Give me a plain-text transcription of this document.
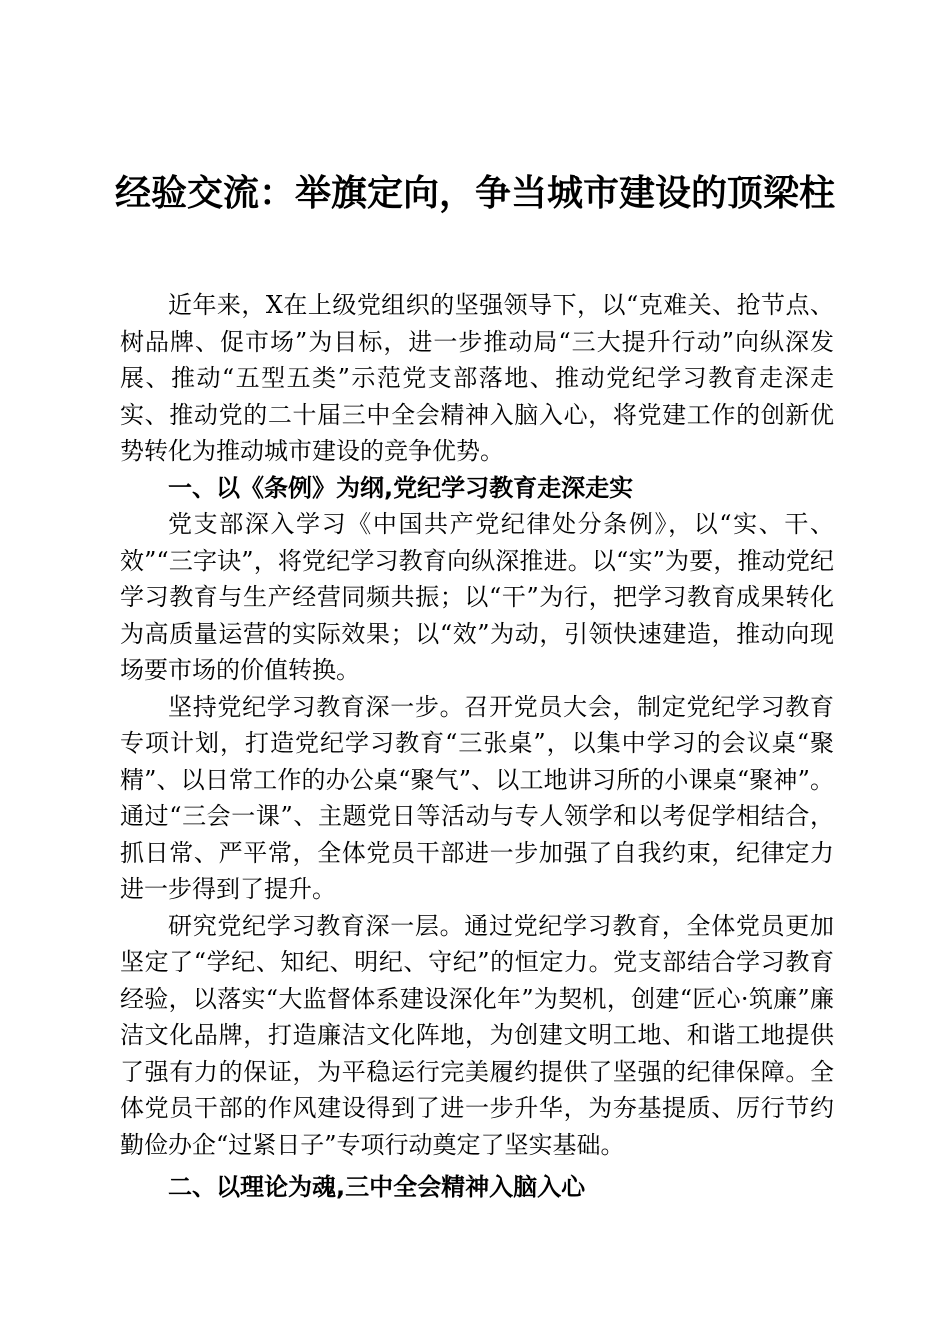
经验交流：举旗定向，争当城市建设的顶梁柱

近年来，X在上级党组织的坚强领导下，以“克难关、抢节点、树品牌、促市场”为目标，进一步推动局“三大提升行动”向纵深发展、推动“五型五类”示范党支部落地、推动党纪学习教育走深走实、推动党的二十届三中全会精神入脑入心，将党建工作的创新优势转化为推动城市建设的竞争优势。

一、以《条例》为纲,党纪学习教育走深走实

党支部深入学习《中国共产党纪律处分条例》，以“实、干、效”“三字诀”，将党纪学习教育向纵深推进。以“实”为要，推动党纪学习教育与生产经营同频共振；以“干”为行，把学习教育成果转化为高质量运营的实际效果；以“效”为动，引领快速建造，推动向现场要市场的价值转换。

坚持党纪学习教育深一步。召开党员大会，制定党纪学习教育专项计划，打造党纪学习教育“三张桌”，以集中学习的会议桌“聚精”、以日常工作的办公桌“聚气”、以工地讲习所的小课桌“聚神”。通过“三会一课”、主题党日等活动与专人领学和以考促学相结合，抓日常、严平常，全体党员干部进一步加强了自我约束，纪律定力进一步得到了提升。

研究党纪学习教育深一层。通过党纪学习教育，全体党员更加坚定了“学纪、知纪、明纪、守纪”的恒定力。党支部结合学习教育经验，以落实“大监督体系建设深化年”为契机，创建“匠心·筑廉”廉洁文化品牌，打造廉洁文化阵地，为创建文明工地、和谐工地提供了强有力的保证，为平稳运行完美履约提供了坚强的纪律保障。全体党员干部的作风建设得到了进一步升华，为夯基提质、厉行节约勤俭办企“过紧日子”专项行动奠定了坚实基础。

二、以理论为魂,三中全会精神入脑入心
